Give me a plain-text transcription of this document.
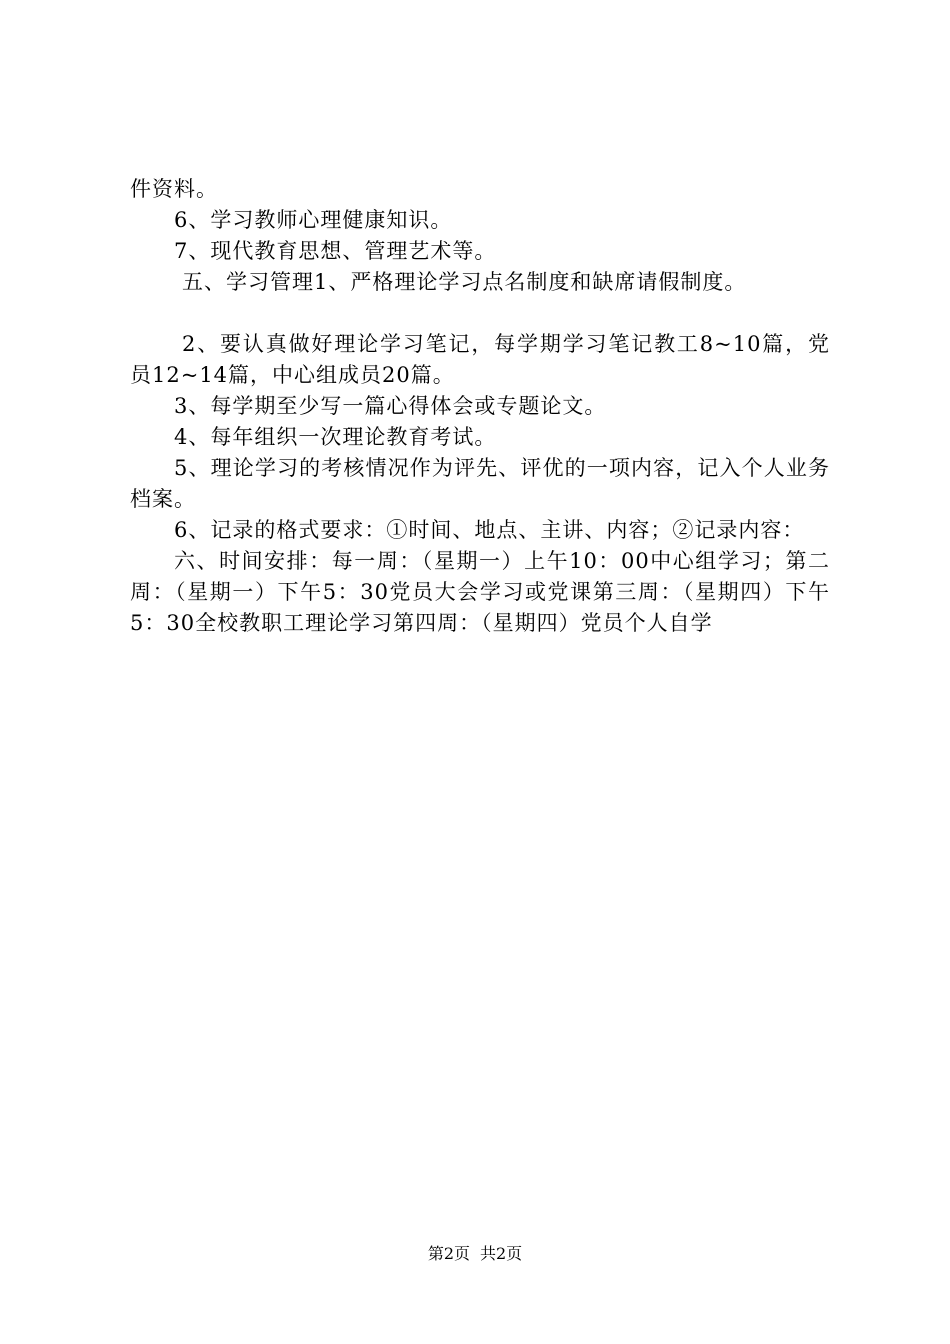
件资料。

6、学习教师心理健康知识。

7、现代教育思想、管理艺术等。

五、学习管理1、严格理论学习点名制度和缺席请假制度。

2、要认真做好理论学习笔记，每学期学习笔记教工8~10篇，党员12~14篇，中心组成员20篇。

3、每学期至少写一篇心得体会或专题论文。

4、每年组织一次理论教育考试。

5、理论学习的考核情况作为评先、评优的一项内容，记入个人业务档案。

6、记录的格式要求：①时间、地点、主讲、内容；②记录内容：

六、时间安排：每一周：（星期一）上午10：00中心组学习；第二周：（星期一）下午5：30党员大会学习或党课第三周：（星期四）下午5：30全校教职工理论学习第四周：（星期四）党员个人自学

第2页 共2页
